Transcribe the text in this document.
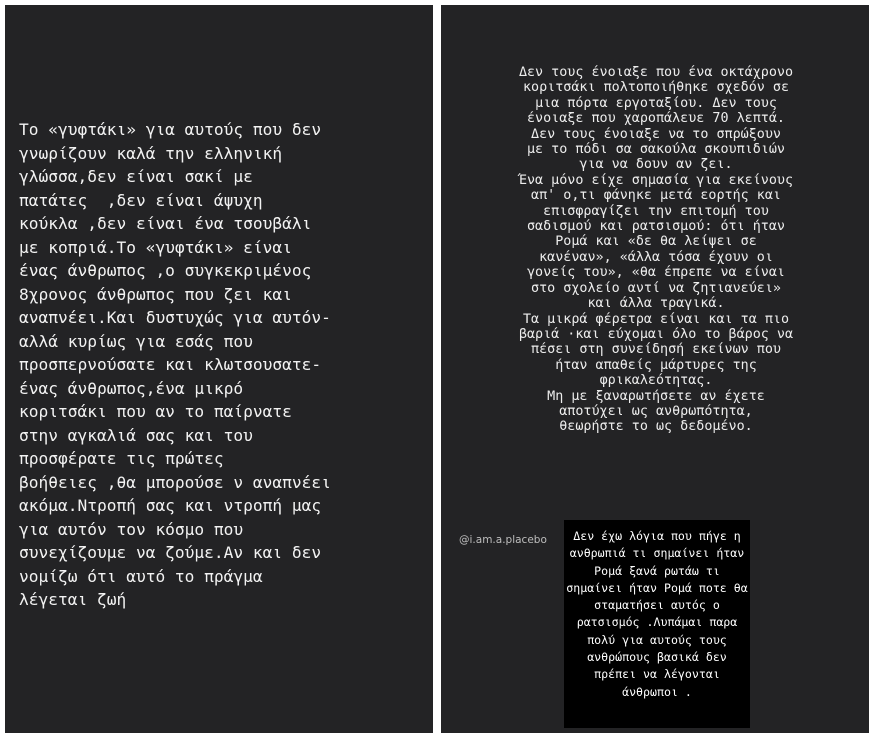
Το «γυφτάκι» για αυτούς που δεν
γνωρίζουν καλά την ελληνική
γλώσσα,δεν είναι σακί με
πατάτες  ,δεν είναι άψυχη
κούκλα ,δεν είναι ένα τσουβάλι
με κοπριά.Το «γυφτάκι» είναι
ένας άνθρωπος ,ο συγκεκριμένος
8χρονος άνθρωπος που ζει και
αναπνέει.Και δυστυχώς για αυτόν-
αλλά κυρίως για εσάς που
προσπερνούσατε και κλωτσουσατε-
ένας άνθρωπος,ένα μικρό
κοριτσάκι που αν το παίρνατε
στην αγκαλιά σας και του
προσφέρατε τις πρώτες
βοήθειες ,θα μπορούσε ν αναπνέει
ακόμα.Ντροπή σας και ντροπή μας
για αυτόν τον κόσμο που
συνεχίζουμε να ζούμε.Αν και δεν
νομίζω ότι αυτό το πράγμα
λέγεται ζωή
Δεν τους ένοιαξε που ένα οκτάχρονο
κοριτσάκι πολτοποιήθηκε σχεδόν σε
μια πόρτα εργοταξίου. Δεν τους
ένοιαξε που χαροπάλευε 70 λεπτά.
Δεν τους ένοιαξε να το σπρώξουν
με το πόδι σα σακούλα σκουπιδιών
για να δουν αν ζει.
Ένα μόνο είχε σημασία για εκείνους
απ' ο,τι φάνηκε μετά εορτής και
επισφραγίζει την επιτομή του
σαδισμού και ρατσισμού: ότι ήταν
Ρομά και «δε θα λείψει σε
κανέναν», «άλλα τόσα έχουν οι
γονείς του», «θα έπρεπε να είναι
στο σχολείο αντί να ζητιανεύει»
και άλλα τραγικά.
Τα μικρά φέρετρα είναι και τα πιο
βαριά ·και εύχομαι όλο το βάρος να
πέσει στη συνείδησή εκείνων που
ήταν απαθείς μάρτυρες της
φρικαλεότητας.
Μη με ξαναρωτήσετε αν έχετε
αποτύχει ως ανθρωπότητα,
θεωρήστε το ως δεδομένο.
@i.am.a.placebo	Δεν έχω λόγια που πήγε η
ανθρωπιά τι σημαίνει ήταν
Ρομά ξανά ρωτάω τι
σημαίνει ήταν Ρομά ποτε θα
σταματήσει αυτός ο
ρατσισμός .Λυπάμαι παρα
πολύ για αυτούς τους
ανθρώπους βασικά δεν
πρέπει να λέγονται
άνθρωποι .
